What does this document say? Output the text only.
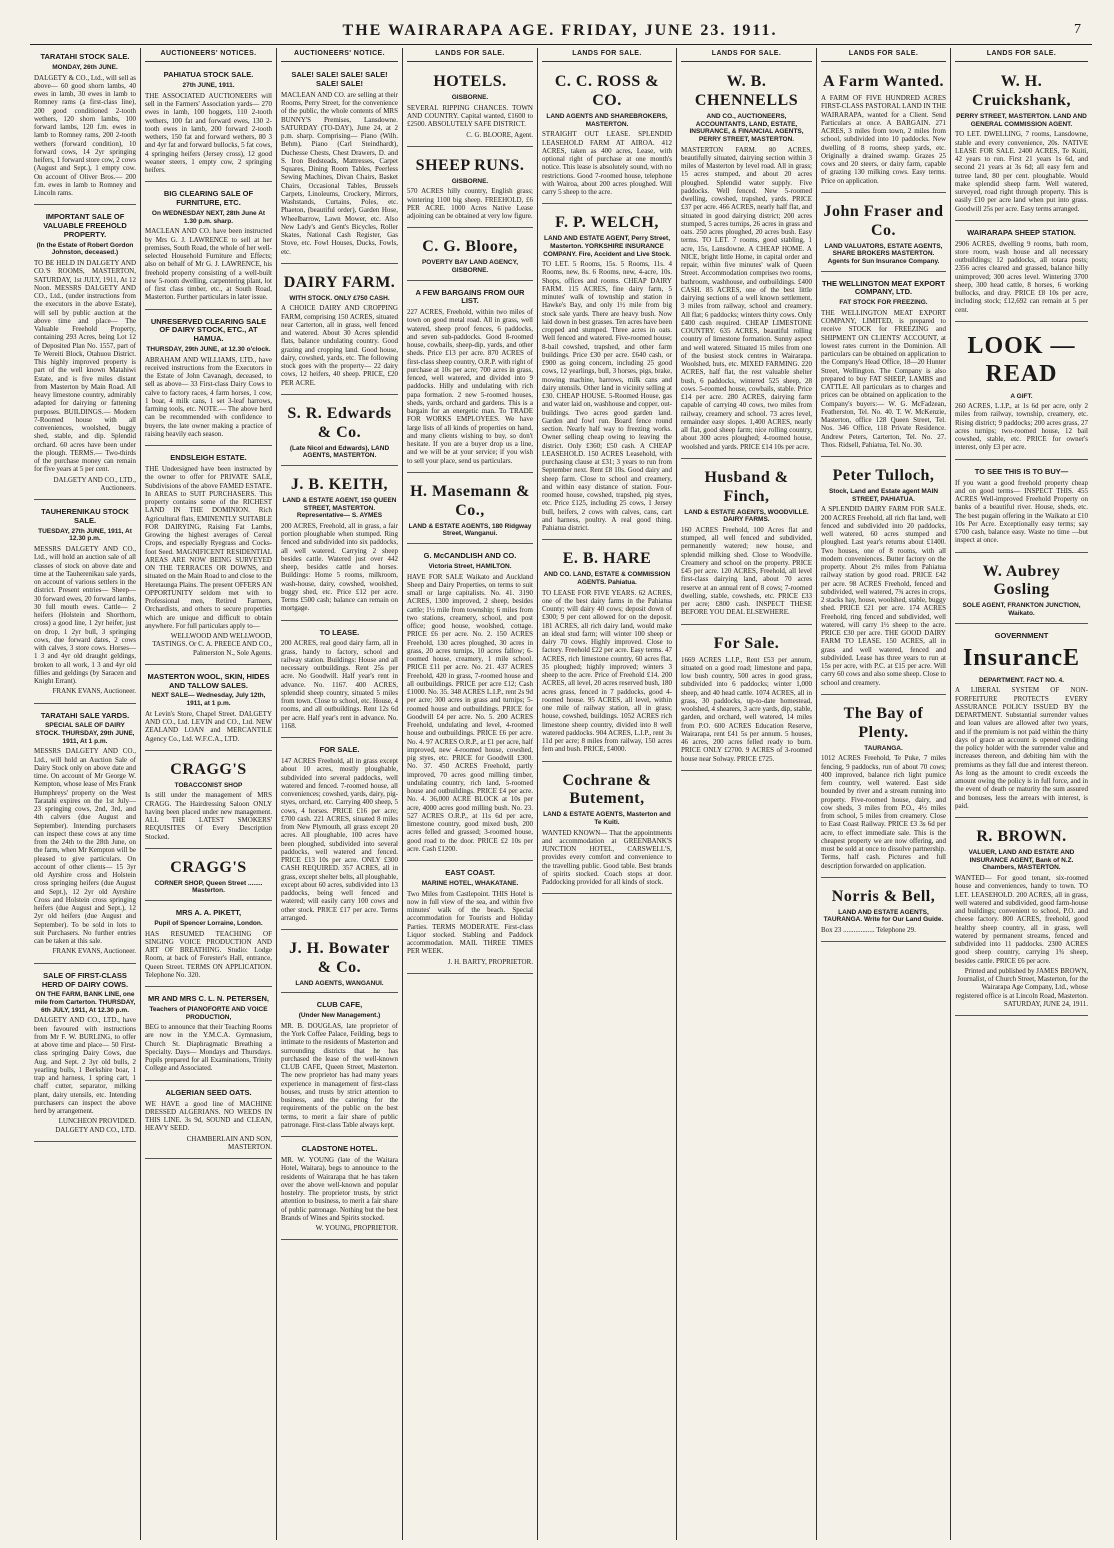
THE WAIRARAPA AGE. FRIDAY, JUNE 23. 1911.	7
TARATAHI STOCK SALE.
MONDAY, 26th JUNE.

DALGETY & CO., Ltd., will sell as above— 60 good shorn lambs, 40 ewes in lamb, 30 ewes in lamb to Romney rams (a first-class line), 200 good conditioned 2-tooth wethers, 120 shorn lambs, 100 forward lambs, 120 f.m. ewes in lamb to Romney rams, 200 2-tooth wethers (forward condition), 10 forward cows, 14 2yr springing heifers, 1 forward store cow, 2 cows (August and Sept.), 1 empty cow. On account of Oliver Bros.— 200 f.m. ewes in lamb to Romney and Lincoln rams.

IMPORTANT SALE OF VALUABLE FREEHOLD PROPERTY.
(In the Estate of Robert Gordon Johnston, deceased.)

TO BE HELD IN DALGETY AND CO.'S ROOMS, MASTERTON, SATURDAY, 1st JULY, 1911, At 12 Noon. MESSRS DALGETY AND CO., Ltd., (under instructions from the executors in the above Estate), will sell by public auction at the above time and place— The Valuable Freehold Property, containing 293 Acres, being Lot 12 of Deposited Plan No. 1557, part of Te Wereiti Block, Otahuou District. This highly improved property is part of the well known Matahiwi Estate, and is five miles distant from Masterton by Main Road. All heavy limestone country, admirably adapted for dairying or fattening purposes. BUILDINGS.— Modern 7-Roomed house with all conveniences, woolshed, buggy shed, stable, and dip. Splendid orchard. 60 acres have been under the plough. TERMS.— Two-thirds of the purchase money can remain for five years at 5 per cent.

DALGETY AND CO., LTD., Auctioneers.

TAUHERENIKAU STOCK SALE.
TUESDAY, 27th JUNE, 1911, At 12.30 p.m.

MESSRS DALGETY AND CO., Ltd., will hold an auction sale of all classes of stock on above date and time at the Tauherenikau sale yards, on account of various settlers in the district. Present entries— Sheep— 30 forward ewes, 20 forward lambs, 30 full mouth ewes. Cattle— 2 heifers (Holstein and Shorthorn, cross) a good line, 1 2yr heifer, just on drop, 1 2yr bull, 3 springing cows, due forward dates, 2 cows with calves, 3 store cows. Horses— 1 3 and 4yr old draught geldings, broken to all work, 1 3 and 4yr old fillies and geldings (by Saracen and Knight Errant).

FRANK EVANS, Auctioneer.

TARATAHI SALE YARDS.
SPECIAL SALE OF DAIRY STOCK. THURSDAY, 29th JUNE, 1911, At 1 p.m.

MESSRS DALGETY AND CO., Ltd., will hold an Auction Sale of Dairy Stock only on above date and time. On account of Mr George W. Kempton, whose lease of Mrs Frank Humphreys' property on the West Taratahi expires on the 1st July— 23 springing cows, 2nd, 3rd, and 4th calvers (due August and September). Intending purchasers can inspect these cows at any time from the 24th to the 28th June, on the farm, when Mr Kempton will be pleased to give particulars. On account of other clients— 15 3yr old Ayrshire cross and Holstein cross springing heifers (due August and Sept.), 12 2yr old Ayrshire Cross and Holstein cross springing heifers (due August and Sept.), 12 2yr old heifers (due August and September). To be sold in lots to suit Purchasers. No further entries can be taken at this sale.

FRANK EVANS, Auctioneer.

SALE OF FIRST-CLASS HERD OF DAIRY COWS.
ON THE FARM, BANK LINE, one mile from Carterton. THURSDAY, 6th JULY, 1911, At 12.30 p.m.

DALGETY AND CO., LTD., have been favoured with instructions from Mr F. W. BURLING, to offer at above time and place— 50 First-class springing Dairy Cows, due Aug. and Sept. 2 3yr old bulls, 2 yearling bulls, 1 Berkshire boar, 1 trap and harness, 1 spring cart, 1 chaff cutter, separator, milking plant, dairy utensils, etc. Intending purchasers can inspect the above herd by arrangement.

LUNCHEON PROVIDED. DALGETY AND CO., LTD.

AUCTIONEERS' NOTICES.
PAHIATUA STOCK SALE.
27th JUNE, 1911.

THE ASSOCIATED AUCTIONEERS will sell in the Farmers' Association yards— 270 ewes in lamb, 100 hoggets, 110 2-tooth wethers, 100 fat and forward ewes, 130 2-tooth ewes in lamb, 200 forward 2-tooth wethers, 150 fat and forward wethers, 80 3 and 4yr fat and forward bullocks, 5 fat cows, 4 springing heifers (Jersey cross), 12 good weaner steers, 1 empty cow, 2 springing heifers.

BIG CLEARING SALE OF FURNITURE, ETC.
On WEDNESDAY NEXT, 28th June At 1.30 p.m. sharp.

MACLEAN AND CO. have been instructed by Mrs G. J. LAWRENCE to sell at her premises, South Road, the whole of her well-selected Household Furniture and Effects; also on behalf of Mr G. J. LAWRENCE, his freehold property consisting of a well-built new 5-room dwelling, carpentering plant, lot of first class timber, etc., at South Road, Masterton. Further particulars in later issue.

UNRESERVED CLEARING SALE OF DAIRY STOCK, ETC., AT HAMUA.
THURSDAY, 29th JUNE, at 12.30 o'clock.

ABRAHAM AND WILLIAMS, LTD., have received instructions from the Executors in the Estate of John Cavanagh, deceased, to sell as above— 33 First-class Dairy Cows to calve to factory races, 4 farm horses, 1 cow, 1 boar, 4 milk cans, 1 set 3-leaf harrows, farming tools, etc. NOTE.— The above herd can be recommended with confidence to buyers, the late owner making a practice of raising heavily each season.

ENDSLEIGH ESTATE.

THE Undersigned have been instructed by the owner to offer for PRIVATE SALE, Subdivisions of the above FAMED ESTATE. In AREAS to SUIT PURCHASERS. This property contains some of the RICHEST LAND IN THE DOMINION. Rich Agricultural flats, EMINENTLY SUITABLE FOR DAIRYING, Raising Fat Lambs, Growing the highest averages of Cereal Crops, and especially Ryegrass and Cocks-foot Seed. MAGNIFICENT RESIDENTIAL AREAS ARE NOW BEING SURVEYED ON THE TERRACES OR DOWNS, and situated on the Main Road to and close to the Heretaunga Plains. The present OFFERS AN OPPORTUNITY seldom met with to Professional men, Retired Farmers, Orchardists, and others to secure properties which are unique and difficult to obtain anywhere. For full particulars apply to—

WELLWOOD AND WELLWOOD, TASTINGS. Or C. A. PREECE AND CO., Palmerston N., Sole Agents.

MASTERTON WOOL, SKIN, HIDES AND TALLOW SALES.
NEXT SALE— Wednesday, July 12th, 1911, at 1 p.m.

At Levin's Store, Chapel Street. DALGETY AND CO., Ltd. LEVIN and CO., Ltd. NEW ZEALAND LOAN and MERCANTILE Agency Co., Ltd. W.F.C.A., LTD.

CRAGG'S
TOBACCONIST SHOP

Is still under the management of MRS CRAGG. The Hairdressing Saloon ONLY having been placed under new management. ALL THE LATEST SMOKERS' REQUISITES Of Every Description Stocked.

CRAGG'S
CORNER SHOP, Queen Street ........ Masterton.
MRS A. A. PIKETT,
Pupil of Spencer Lorraine, London.

HAS RESUMED TEACHING OF SINGING VOICE PRODUCTION AND ART OF BREATHING. Studio: Lodge Room, at back of Forester's Hall, entrance, Queen Street. TERMS ON APPLICATION. Telephone No. 320.

MR AND MRS C. L. N. PETERSEN,
Teachers of PIANOFORTE AND VOICE PRODUCTION,

BEG to announce that their Teaching Rooms are now in the Y.M.C.A. Gymnasium, Church St. Diaphragmatic Breathing a Specialty. Days— Mondays and Thursdays. Pupils prepared for all Examinations, Trinity College and Associated.

ALGERIAN SEED OATS.

WE HAVE a good line of MACHINE DRESSED ALGERIANS. NO WEEDS IN THIS LINE. 3s 9d, SOUND and CLEAN, HEAVY SEED.

CHAMBERLAIN AND SON, MASTERTON.

AUCTIONEERS' NOTICE.
SALE! SALE! SALE! SALE! SALE! SALE!

MACLEAN AND CO. are selling at their Rooms, Perry Street, for the convenience of the public, the whole contents of MRS BUNNY'S Premises, Lansdowne. SATURDAY (TO-DAY), June 24, at 2 p.m. sharp. Comprising— Piano (Wilh. Behm), Piano (Carl Steindhardt), Duchesse Chests, Chest Drawers, D. and S. Iron Bedsteads, Mattresses, Carpet Squares, Dining Room Tables, Peerless Sewing Machines, Divan Chairs, Basket Chairs, Occasional Tables, Brussels Carpets, Linoleums, Crockery, Mirrors, Washstands, Curtains, Poles, etc. Phaeton, (beautiful order), Garden Hose, Wheelbarrow, Lawn Mower, etc. Also New Lady's and Gent's Bicycles, Roller Skates, National Cash Register, Gas Stove, etc. Fowl Houses, Ducks, Fowls, etc.

DAIRY FARM.
WITH STOCK. ONLY £750 CASH.

A CHOICE DAIRY AND CROPPING FARM, comprising 150 ACRES, situated near Carterton, all in grass, well fenced and watered. About 30 Acres splendid flats, balance undulating country. Good grazing and cropping land. Good house, dairy, cowshed, yards, etc. The following stock goes with the property— 22 dairy cows, 12 heifers, 40 sheep. PRICE, £20 PER ACRE.

S. R. Edwards & Co.
(Late Nicol and Edwards), LAND AGENTS, MASTERTON.
J. B. KEITH,
LAND & ESTATE AGENT, 150 QUEEN STREET, MASTERTON. Representative— S. AYMES

200 ACRES, Freehold, all in grass, a fair portion ploughable when stumped. Ring fenced and subdivided into six paddocks, all well watered. Carrying 2 sheep besides cattle. Watered just over 442 sheep, besides cattle and horses. Buildings: Home 5 rooms, milkroom, wash-house, dairy, cowshed, woolshed, buggy shed, etc. Price £12 per acre. Terms £500 cash; balance can remain on mortgage.

TO LEASE.

200 ACRES, real good dairy farm, all in grass, handy to factory, school and railway station. Buildings: House and all necessary outbuildings. Rent 25s per acre. No Goodwill. Half year's rent in advance. No. 1167. 400 ACRES, splendid sheep country, situated 5 miles from town. Close to school, etc. House, 4 rooms, and all outbuildings. Rent 12s 6d per acre. Half year's rent in advance. No. 1168.

FOR SALE.

147 ACRES Freehold, all in grass except about 10 acres, mostly ploughable, subdivided into several paddocks, well watered and fenced. 7-roomed house, all conveniences; cowshed, yards, dairy, pig-styes, orchard, etc. Carrying 400 sheep, 5 cows, 4 horses. PRICE £16 per acre; £700 cash. 221 ACRES, situated 8 miles from New Plymouth, all grass except 20 acres. All ploughable, 100 acres have been ploughed, subdivided into several paddocks, well watered and fenced. PRICE £13 10s per acre. ONLY £300 CASH REQUIRED. 357 ACRES, all in grass, except shelter belts, all ploughable, except about 60 acres, subdivided into 13 paddocks, being well fenced and watered; will easily carry 100 cows and other stock. PRICE £17 per acre. Terms arranged.

J. H. Bowater & Co.
LAND AGENTS, WANGANUI.
CLUB CAFE,
(Under New Management.)

MR. B. DOUGLAS, late proprietor of the York Coffee Palace, Feilding, begs to intimate to the residents of Masterton and surrounding districts that he has purchased the lease of the well-known CLUB CAFE, Queen Street, Masterton. The new proprietor has had many years experience in management of first-class houses, and trusts by strict attention to business, and the catering for the requirements of the public on the best terms, to merit a fair share of public patronage. First-class Table always kept.

CLADSTONE HOTEL.

MR. W. YOUNG (late of the Waitara Hotel, Waitara), begs to announce to the residents of Wairarapa that he has taken over the above well-known and popular hostelry. The proprietor trusts, by strict attention to business, to merit a fair share of public patronage. Nothing but the best Brands of Wines and Spirits stocked.

W. YOUNG, PROPRIETOR.

LANDS FOR SALE.
HOTELS.
GISBORNE.

SEVERAL RIPPING CHANCES. TOWN AND COUNTRY. Capital wanted, £1600 to £2500. ABSOLUTELY SAFE DISTRICT.

C. G. BLOORE, Agent.

SHEEP RUNS.
GISBORNE.

570 ACRES hilly country, English grass; wintering 1100 big sheep. FREEHOLD, £6 PER ACRE. 1000 Acres Native Lease adjoining can be obtained at very low figure.

C. G. Bloore,
POVERTY BAY LAND AGENCY, GISBORNE.
A FEW BARGAINS FROM OUR LIST.

227 ACRES, Freehold, within two miles of town on good metal road. All in grass, well watered, sheep proof fences, 6 paddocks, and seven sub-paddocks. Good 8-roomed house, cowbails, sheep-dip, yards, and other sheds. Price £13 per acre. 870 ACRES of first-class sheep country, O.R.P. with right of purchase at 10s per acre; 700 acres in grass, fenced, well watered, and divided into 9 paddocks. Hilly and undulating with rich papa formation. 2 new 5-roomed houses, sheds, yards, orchard and gardens. This is a bargain for an energetic man. To TRADE FOR WORKS EMPLOYEES. We have large lists of all kinds of properties on hand, and many clients wishing to buy, so don't hesitate. If you are a buyer drop us a line, and we will be at your service; if you wish to sell your place, send us particulars.

H. Masemann & Co.,
LAND & ESTATE AGENTS, 180 Ridgway Street, Wanganui.
G. McCANDLISH AND CO.
Victoria Street, HAMILTON.

HAVE FOR SALE Waikato and Auckland Sheep and Dairy Properties, on terms to suit small or large capitalists. No. 41. 3190 ACRES, 1300 improved, 2 sheep, besides cattle; 1½ mile from township; 6 miles from two stations, creamery, school, and post office; good house, woolshed, cottage. PRICE £6 per acre. No. 2. 150 ACRES Freehold, 130 acres ploughed, 30 acres in grass, 20 acres turnips, 10 acres fallow; 6-roomed house, creamery, 1 mile school. PRICE £11 per acre. No. 21. 437 ACRES Freehold, 420 in grass, 7-roomed house and all outbuildings. PRICE per acre £12; Cash £1000. No. 35. 348 ACRES L.I.P., rent 2s 9d per acre; 300 acres in grass and turnips; 5-roomed house and outbuildings. PRICE for Goodwill £4 per acre. No. 5. 200 ACRES Freehold, undulating and level, 4-roomed house and outbuildings. PRICE £6 per acre. No. 4. 97 ACRES O.R.P., at £1 per acre, half improved, new 4-roomed house, cowshed, pig styes, etc. PRICE for Goodwill £300. No. 37. 450 ACRES Freehold, partly improved, 70 acres good milling timber, undulating country, rich land, 5-roomed house and outbuildings. PRICE £4 per acre. No. 4. 36,000 ACRE BLOCK at 10s per acre, 4000 acres good milling bush. No. 23. 527 ACRES O.R.P., at 11s 6d per acre, limestone country, good mixed bush, 200 acres felled and grassed; 3-roomed house, good road to the door. PRICE £2 10s per acre. Cash £1200.

EAST COAST.
MARINE HOTEL, WHAKATANE.

Two Miles from Castlepoint. THIS Hotel is now in full view of the sea, and within five minutes' walk of the beach. Special accommodation for Tourists and Holiday Parties. TERMS MODERATE. First-class Liquor stocked. Stabling and Paddock accommodation. MAIL THREE TIMES PER WEEK.

J. H. BARTY, PROPRIETOR.

LANDS FOR SALE.
C. C. ROSS & CO.
LAND AGENTS AND SHAREBROKERS, MASTERTON.

STRAIGHT OUT LEASE. SPLENDID LEASEHOLD FARM AT AIROA. 412 ACRES, taken as 400 acres, Lease, with optional right of purchase at one month's notice. This lease is absolutely sound, with no restrictions. Good 7-roomed house, telephone with Wairoa, about 200 acres ploughed. Will carry 5 sheep to the acre.

F. P. WELCH,
LAND AND ESTATE AGENT, Perry Street, Masterton. YORKSHIRE INSURANCE COMPANY. Fire, Accident and Live Stock.

TO LET. 5 Rooms, 15s. 5 Rooms, 11s. 4 Rooms, new, 8s. 6 Rooms, new, 4-acre, 10s. Shops, offices and rooms. CHEAP DAIRY FARM. 115 ACRES, fine dairy farm, 5 minutes' walk of township and station in Hawke's Bay, and only 1½ mile from big stock sale yards. There are heavy bush. Now laid down in best grasses. Ten acres have been cropped and stumped. Three acres in oats. Well fenced and watered. Five-roomed house; 8-bail cowshed, trapshed, and other farm buildings. Price £30 per acre. £640 cash, or £900 as going concern, including 25 good cows, 12 yearlings, bull, 3 horses, pigs, brake, mowing machine, harrows, milk cans and dairy utensils. Other land in vicinity selling at £30. CHEAP HOUSE. 5-Roomed House, gas and water laid on, washhouse and copper, out-buildings. Two acres good garden land. Garden and fowl run. Board fence round section. Nearly half way to freezing works. Owner selling cheap owing to leaving the district. Only £360; £50 cash. A CHEAP LEASEHOLD. 150 ACRES Leasehold, with purchasing clause at £31; 3 years to run from September next. Rent £8 10s. Good dairy and sheep farm. Close to school and creamery, and within easy distance of station. Four-roomed house, cowshed, trapshed, pig styes, etc. Price £125, including 25 cows, 1 Jersey bull, heifers, 2 cows with calves, cans, cart and harness, poultry. A real good thing. Pahiatua district.

E. B. HARE
AND CO. LAND, ESTATE & COMMISSION AGENTS. Pahiatua.

TO LEASE FOR FIVE YEARS. 62 ACRES, one of the best dairy farms in the Pahiatua County; will dairy 40 cows; deposit down of £300; 9 per cent allowed for on the deposit. 181 ACRES, all rich dairy land, would make an ideal stud farm; will winter 100 sheep or dairy 70 cows. Highly improved. Close to factory. Freehold £22 per acre. Easy terms. 47 ACRES, rich limestone country, 60 acres flat, 35 ploughed; highly improved; winters 3 sheep to the acre. Price of Freehold £14. 200 ACRES, all level, 20 acres reserved bush, 180 acres grass, fenced in 7 paddocks, good 4-roomed house. 95 ACRES, all level, within one mile of railway station, all in grass; house, cowshed, buildings. 1052 ACRES rich limestone sheep country, divided into 8 well watered paddocks. 904 ACRES, L.I.P., rent 3s 11d per acre; 8 miles from railway, 150 acres fern and bush. PRICE, £4000.

Cochrane & Butement,
LAND & ESTATE AGENTS, Masterton and Te Kuiti.

WANTED KNOWN— That the appointments and accommodation at GREENBANK'S JUNCTION HOTEL, CARSWELL'S, provides every comfort and convenience to the travelling public. Good table. Best brands of spirits stocked. Coach stops at door. Paddocking provided for all kinds of stock.

LANDS FOR SALE.
W. B. CHENNELLS
AND CO., AUCTIONEERS, ACCOUNTANTS, LAND, ESTATE, INSURANCE, & FINANCIAL AGENTS, PERRY STREET, MASTERTON.

MASTERTON FARM. 80 ACRES, beautifully situated, dairying section within 3 miles of Masterton by level road. All in grass; 15 acres stumped, and about 20 acres ploughed. Splendid water supply. Five paddocks. Well fenced. New 5-roomed dwelling, cowshed, trapshed, yards. PRICE £37 per acre. 466 ACRES, nearly half flat, and situated in good dairying district; 200 acres stumped, 5 acres turnips, 26 acres in grass and oats. 250 acres ploughed, 20 acres bush. Easy terms. TO LET. 7 rooms, good stabling, 1 acre, 15s, Lansdowne. A CHEAP HOME. A NICE, bright little Home, in capital order and repair, within five minutes' walk of Queen Street. Accommodation comprises two rooms, bathroom, washhouse, and outbuildings. £400 CASH. 85 ACRES, one of the best little dairying sections of a well known settlement, 3 miles from railway, school and creamery. All flat; 6 paddocks; winters thirty cows. Only £400 cash required. CHEAP LIMESTONE COUNTRY. 635 ACRES, beautiful rolling country of limestone formation. Sunny aspect and well watered. Situated 15 miles from one of the busiest stock centres in Wairarapa. Woolshed, huts, etc. MIXED FARMING. 220 ACRES, half flat, the rest valuable shelter bush, 6 paddocks, wintered 525 sheep, 28 cows. 5-roomed house, cowbails, stable. Price £14 per acre. 280 ACRES, dairying farm capable of carrying 40 cows, two miles from railway, creamery and school. 73 acres level, remainder easy slopes. 1,400 ACRES, nearly all flat, good sheep farm; nice rolling country, about 300 acres ploughed; 4-roomed house, woolshed and yards. PRICE £14 10s per acre.

Husband & Finch,
LAND & ESTATE AGENTS, WOODVILLE. DAIRY FARMS.

160 ACRES Freehold, 100 Acres flat and stumped, all well fenced and subdivided, permanently watered; new house, and splendid milking shed. Close to Woodville. Creamery and school on the property. PRICE £45 per acre. 120 ACRES, Freehold, all level first-class dairying land, about 70 acres reserve at an annual rent of 8 cows; 7-roomed dwelling, stable, cowsheds, etc. PRICE £33 per acre; £800 cash. INSPECT THESE BEFORE YOU DEAL ELSEWHERE.

For Sale.

1669 ACRES L.I.P., Rent £53 per annum, situated on a good road; limestone and papa, low bush country, 500 acres in good grass, subdivided into 6 paddocks; winter 1,000 sheep, and 40 head cattle. 1074 ACRES, all in grass, 30 paddocks, up-to-date homestead, woolshed, 4 shearers, 3 acre yards, dip, stable, garden, and orchard, well watered, 14 miles from P.O. 600 ACRES Education Reserve, Wairarapa, rent £41 5s per annum. 5 houses, 46 acres, 200 acres felled ready to burn. PRICE ONLY £2700. 9 ACRES of 3-roomed house near Solway. PRICE £725.

LANDS FOR SALE.
A Farm Wanted.

A FARM OF FIVE HUNDRED ACRES FIRST-CLASS PASTORAL LAND IN THE WAIRARAPA, wanted for a Client. Send Particulars at once. A BARGAIN. 271 ACRES, 3 miles from town, 2 miles from school, subdivided into 10 paddocks. New dwelling of 8 rooms, sheep yards, etc. Originally a drained swamp. Grazes 25 cows and 20 steers, or dairy farm, capable of grazing 130 milking cows. Easy terms. Price on application.

John Fraser and Co.
LAND VALUATORS, ESTATE AGENTS, SHARE BROKERS MASTERTON. Agents for Sun Insurance Company.
THE WELLINGTON MEAT EXPORT COMPANY, LTD.
FAT STOCK FOR FREEZING.

THE WELLINGTON MEAT EXPORT COMPANY, LIMITED, is prepared to receive STOCK for FREEZING and SHIPMENT ON CLIENTS' ACCOUNT, at lowest rates current in the Dominion. All particulars can be obtained on application to the Company's Head Office, 18—20 Hunter Street, Wellington. The Company is also prepared to buy FAT SHEEP, LAMBS and CATTLE. All particulars as to charges and prices can be obtained on application to the Company's buyers:— W. G. McFadzean, Featherston, Tel. No. 40. T. W. McKenzie, Masterton, office 128 Queen Street, Tel. Nos. 346 Office, 118 Private Residence. Andrew Peters, Carterton, Tel. No. 27. Thos. Ridsell, Pahiatua, Tel. No. 30.

Peter Tulloch,
Stock, Land and Estate agent MAIN STREET, PAHIATUA.

A SPLENDID DAIRY FARM FOR SALE. 200 ACRES Freehold, all rich flat land, well fenced and subdivided into 20 paddocks, well watered, 60 acres stumped and ploughed. Last year's returns about £1400. Two houses, one of 8 rooms, with all modern conveniences. Butter factory on the property. About 2½ miles from Pahiatua railway station by good road. PRICE £42 per acre. 98 ACRES Freehold, fenced and subdivided, well watered, 7¾ acres in crops, 2 stacks hay, house, woolshed, stable, buggy shed. PRICE £21 per acre. 174 ACRES Freehold, ring fenced and subdivided, well watered, will carry 1½ sheep to the acre. PRICE £30 per acre. THE GOOD DAIRY FARM TO LEASE. 150 ACRES, all in grass and well watered, fenced and subdivided. Lease has three years to run at 15s per acre, with P.C. at £15 per acre. Will carry 60 cows and also some sheep. Close to school and creamery.

The Bay of Plenty.
TAURANGA.

1012 ACRES Freehold, Te Puke, 7 miles fencing, 9 paddocks, run of about 70 cows; 400 improved, balance rich light pumice fern country, well watered. East side bounded by river and a stream running into property. Five-roomed house, dairy, and cow sheds, 3 miles from P.O., 4½ miles from school, 5 miles from creamery. Close to East Coast Railway. PRICE £3 3s 6d per acre, to effect immediate sale. This is the cheapest property we are now offering, and must be sold at once to dissolve partnership. Terms, half cash. Pictures and full description forwarded on application.

Norris & Bell,
LAND AND ESTATE AGENTS, TAURANGA. Write for Our Land Guide.

Box 23 .................. Telephone 29.

LANDS FOR SALE.
W. H. Cruickshank,
PERRY STREET, MASTERTON. LAND AND GENERAL COMMISSION AGENT.

TO LET. DWELLING, 7 rooms, Lansdowne, stable and every convenience, 20s. NATIVE LEASE FOR SALE. 2400 ACRES, Te Kuiti, 42 years to run. First 21 years 1s 6d, and second 21 years at 3s 6d; all easy fern and tutree land, 80 per cent. ploughable. Would make splendid sheep farm. Well watered, surveyed, road right through property. This is easily £10 per acre land when put into grass. Goodwill 25s per acre. Easy terms arranged.

WAIRARAPA SHEEP STATION.

2906 ACRES, dwelling 9 rooms, bath room, store room, wash house and all necessary outbuildings; 12 paddocks, all totara posts; 2356 acres cleared and grassed, balance hilly unimproved; 300 acres level. Wintering 3700 sheep, 300 head cattle, 8 horses, 6 working bullocks, and dray. PRICE £8 10s per acre, including stock; £12,692 can remain at 5 per cent.

LOOK — READ
A GIFT.

260 ACRES, L.I.P., at 1s 6d per acre, only 2 miles from railway, township, creamery, etc. Rising district; 9 paddocks; 200 acres grass, 27 acres turnips; two-roomed house, 12 bail cowshed, stable, etc. PRICE for owner's interest, only £3 per acre.

TO SEE THIS IS TO BUY—

If you want a good freehold property cheap and on good terms— INSPECT THIS. 455 ACRES Well-improved Freehold Property on banks of a beautiful river. House, sheds, etc. The best pugain offering in the Waikato at £10 10s Per Acre. Exceptionally easy terms; say £700 cash, balance easy. Waste no time —but inspect at once.

W. Aubrey Gosling
SOLE AGENT, FRANKTON JUNCTION, Waikato.
GOVERNMENT
InsurancE
DEPARTMENT. FACT NO. 4.

A LIBERAL SYSTEM OF NON-FORFEITURE PROTECTS EVERY ASSURANCE POLICY ISSUED BY the DEPARTMENT. Substantial surrender values and loan values are allowed after two years, and if the premium is not paid within the thirty days of grace an account is opened crediting the policy holder with the surrender value and increases thereon, and debiting him with the premiums as they fall due and interest thereon. As long as the amount to credit exceeds the amount owing the policy is in full force, and in the event of death or maturity the sum assured and bonuses, less the arrears with interest, is paid.

R. BROWN.
VALUER, LAND AND ESTATE AND INSURANCE AGENT, Bank of N.Z. Chambers, MASTERTON.

WANTED— For good tenant, six-roomed house and conveniences, handy to town. TO LET. LEASEHOLD. 200 ACRES, all in grass, well watered and subdivided, good farm-house and buildings; convenient to school, P.O. and cheese factory. 800 ACRES, freehold, good healthy sheep country, all in grass, well watered by permanent streams, fenced and subdivided into 11 paddocks. 2300 ACRES good sheep country, carrying 1¾ sheep, besides cattle. PRICE £6 per acre.

Printed and published by JAMES BROWN, Journalist, of Church Street, Masterton, for the Wairarapa Age Company, Ltd., whose registered office is at Lincoln Road, Masterton. SATURDAY, JUNE 24, 1911.
